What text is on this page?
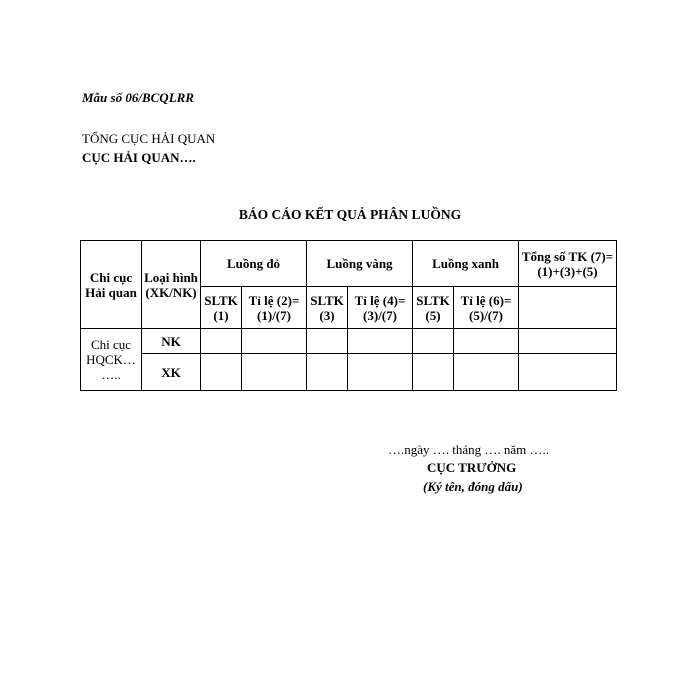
Mẫu số 06/BCQLRR
TỔNG CỤC HẢI QUAN
CỤC HẢI QUAN….
BÁO CÁO KẾT QUẢ PHÂN LUỒNG
Chi cục Hải quan	Loại hình (XK/NK)	Luồng đỏ		Luồng vàng		Luồng xanh		Tổng số TK (7)=(1)+(3)+(5)
		SLTK (1)	Tỉ lệ (2)=(1)/(7)	SLTK (3)	Tỉ lệ (4)=(3)/(7)	SLTK (5)	Tỉ lệ (6)=(5)/(7)	
Chi cục HQCK… …..	NK							
	XK							
….ngày …. tháng …. năm …..
CỤC TRƯỞNG
(Ký tên, đóng dấu)
